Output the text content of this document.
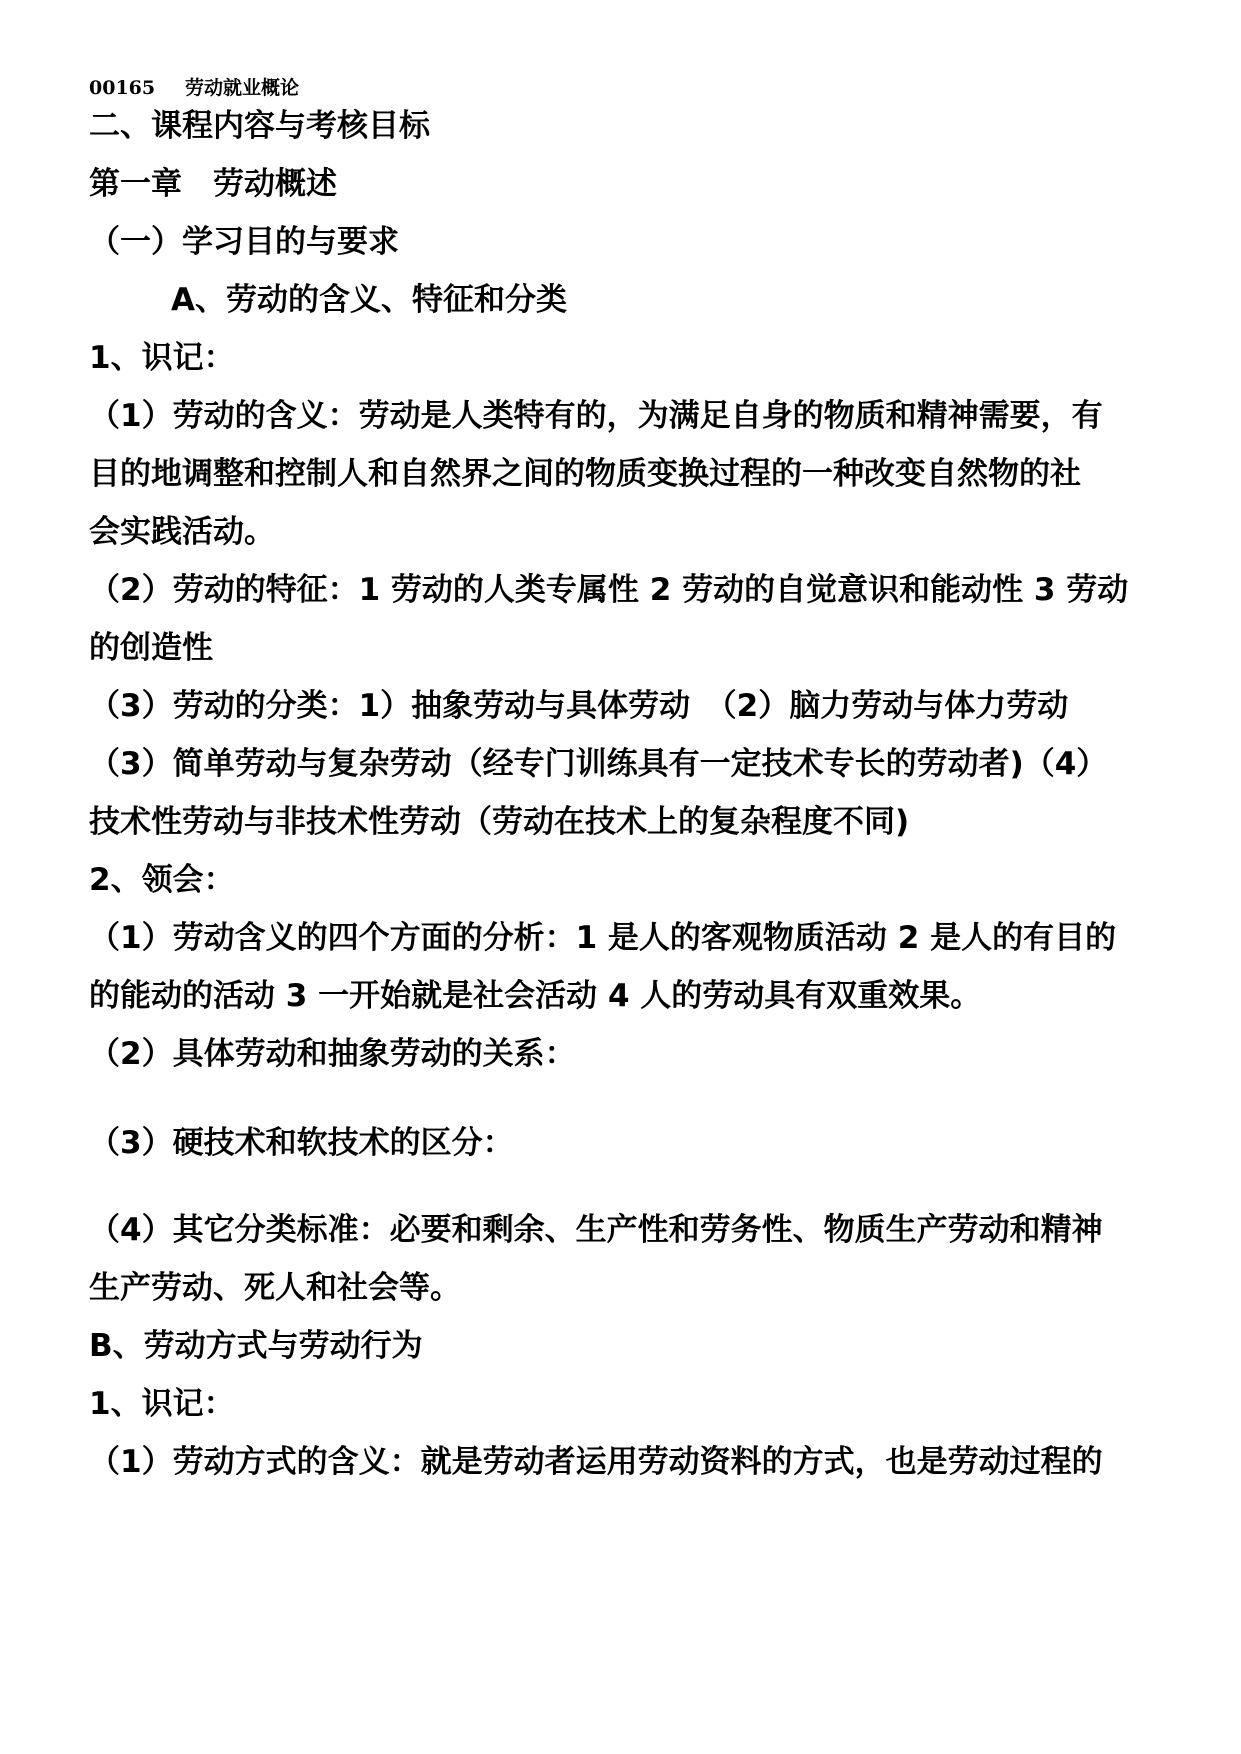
00165 劳动就业概论
二、课程内容与考核目标
第一章　劳动概述
（一）学习目的与要求
A、劳动的含义、特征和分类
1、识记：
（1）劳动的含义：劳动是人类特有的，为满足自身的物质和精神需要，有
目的地调整和控制人和自然界之间的物质变换过程的一种改变自然物的社
会实践活动。
（2）劳动的特征：1 劳动的人类专属性 2 劳动的自觉意识和能动性 3 劳动
的创造性
（3）劳动的分类：1）抽象劳动与具体劳动　（2）脑力劳动与体力劳动
（3）简单劳动与复杂劳动（经专门训练具有一定技术专长的劳动者)（4）
技术性劳动与非技术性劳动（劳动在技术上的复杂程度不同)
2、领会：
（1）劳动含义的四个方面的分析：1 是人的客观物质活动 2 是人的有目的
的能动的活动 3 一开始就是社会活动 4 人的劳动具有双重效果。
（2）具体劳动和抽象劳动的关系：
（3）硬技术和软技术的区分：
（4）其它分类标准：必要和剩余、生产性和劳务性、物质生产劳动和精神
生产劳动、死人和社会等。
B、劳动方式与劳动行为
1、识记：
（1）劳动方式的含义：就是劳动者运用劳动资料的方式，也是劳动过程的
